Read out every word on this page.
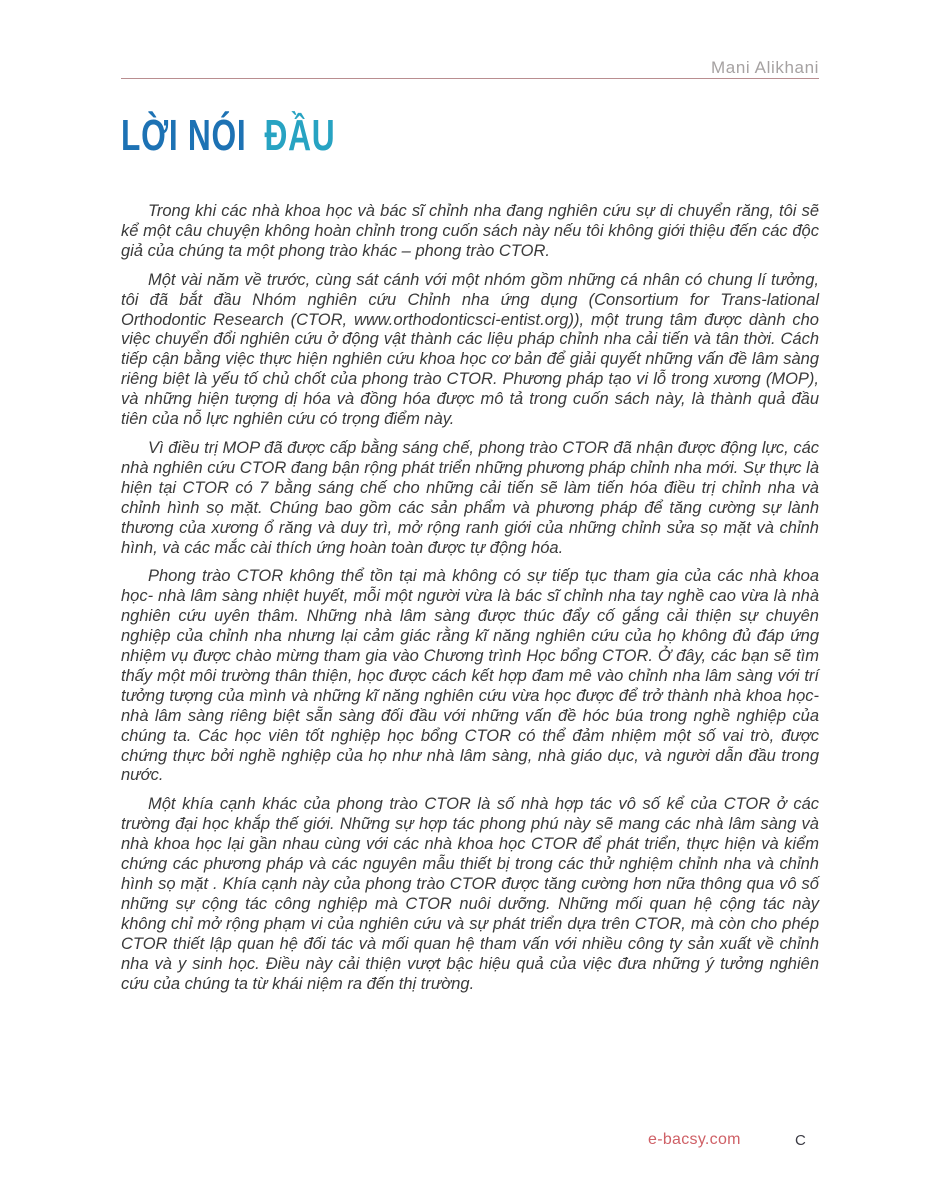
Mani Alikhani
LỜI NÓI ĐẦU

Trong khi các nhà khoa học và bác sĩ chỉnh nha đang nghiên cứu sự di chuyển răng, tôi sẽ kể một câu chuyện không hoàn chỉnh trong cuốn sách này nếu tôi không giới thiệu đến các độc giả của chúng ta một phong trào khác – phong trào CTOR.

Một vài năm về trước, cùng sát cánh với một nhóm gồm những cá nhân có chung lí tưởng, tôi đã bắt đầu Nhóm nghiên cứu Chỉnh nha ứng dụng (Consortium for Trans-lational Orthodontic Research (CTOR, www.orthodonticsci-entist.org)), một trung tâm được dành cho việc chuyển đổi nghiên cứu ở động vật thành các liệu pháp chỉnh nha cải tiến và tân thời. Cách tiếp cận bằng việc thực hiện nghiên cứu khoa học cơ bản để giải quyết những vấn đề lâm sàng riêng biệt là yếu tố chủ chốt của phong trào CTOR. Phương pháp tạo vi lỗ trong xương (MOP), và những hiện tượng dị hóa và đồng hóa được mô tả trong cuốn sách này, là thành quả đầu tiên của nỗ lực nghiên cứu có trọng điểm này.

Vì điều trị MOP đã được cấp bằng sáng chế, phong trào CTOR đã nhận được động lực, các nhà nghiên cứu CTOR đang bận rộng phát triển những phương pháp chỉnh nha mới. Sự thực là hiện tại CTOR có 7 bằng sáng chế cho những cải tiến sẽ làm tiến hóa điều trị chỉnh nha và chỉnh hình sọ mặt. Chúng bao gồm các sản phẩm và phương pháp để tăng cường sự lành thương của xương ổ răng và duy trì, mở rộng ranh giới của những chỉnh sửa sọ mặt và chỉnh hình, và các mắc cài thích ứng hoàn toàn được tự động hóa.

Phong trào CTOR không thể tồn tại mà không có sự tiếp tục tham gia của các nhà khoa học- nhà lâm sàng nhiệt huyết, mỗi một người vừa là bác sĩ chỉnh nha tay nghề cao vừa là nhà nghiên cứu uyên thâm. Những nhà lâm sàng được thúc đẩy cố gắng cải thiện sự chuyên nghiệp của chỉnh nha nhưng lại cảm giác rằng kĩ năng nghiên cứu của họ không đủ đáp ứng nhiệm vụ được chào mừng tham gia vào Chương trình Học bổng CTOR. Ở đây, các bạn sẽ tìm thấy một môi trường thân thiện, học được cách kết hợp đam mê vào chỉnh nha lâm sàng với trí tưởng tượng của mình và những kĩ năng nghiên cứu vừa học được để trở thành nhà khoa học- nhà lâm sàng riêng biệt sẵn sàng đối đầu với những vấn đề hóc búa trong nghề nghiệp của chúng ta. Các học viên tốt nghiệp học bổng CTOR có thể đảm nhiệm một số vai trò, được chứng thực bởi nghề nghiệp của họ như nhà lâm sàng, nhà giáo dục, và người dẫn đầu trong nước.

Một khía cạnh khác của phong trào CTOR là số nhà hợp tác vô số kể của CTOR ở các trường đại học khắp thế giới. Những sự hợp tác phong phú này sẽ mang các nhà lâm sàng và nhà khoa học lại gần nhau cùng với các nhà khoa học CTOR để phát triển, thực hiện và kiểm chứng các phương pháp và các nguyên mẫu thiết bị trong các thử nghiệm chỉnh nha và chỉnh hình sọ mặt . Khía cạnh này của phong trào CTOR được tăng cường hơn nữa thông qua vô số những sự cộng tác công nghiệp mà CTOR nuôi dưỡng. Những mối quan hệ cộng tác này không chỉ mở rộng phạm vi của nghiên cứu và sự phát triển dựa trên CTOR, mà còn cho phép CTOR thiết lập quan hệ đối tác và mối quan hệ tham vấn với nhiều công ty sản xuất về chỉnh nha và y sinh học. Điều này cải thiện vượt bậc hiệu quả của việc đưa những ý tưởng nghiên cứu của chúng ta từ khái niệm ra đến thị trường.

e-bacsy.com	C
